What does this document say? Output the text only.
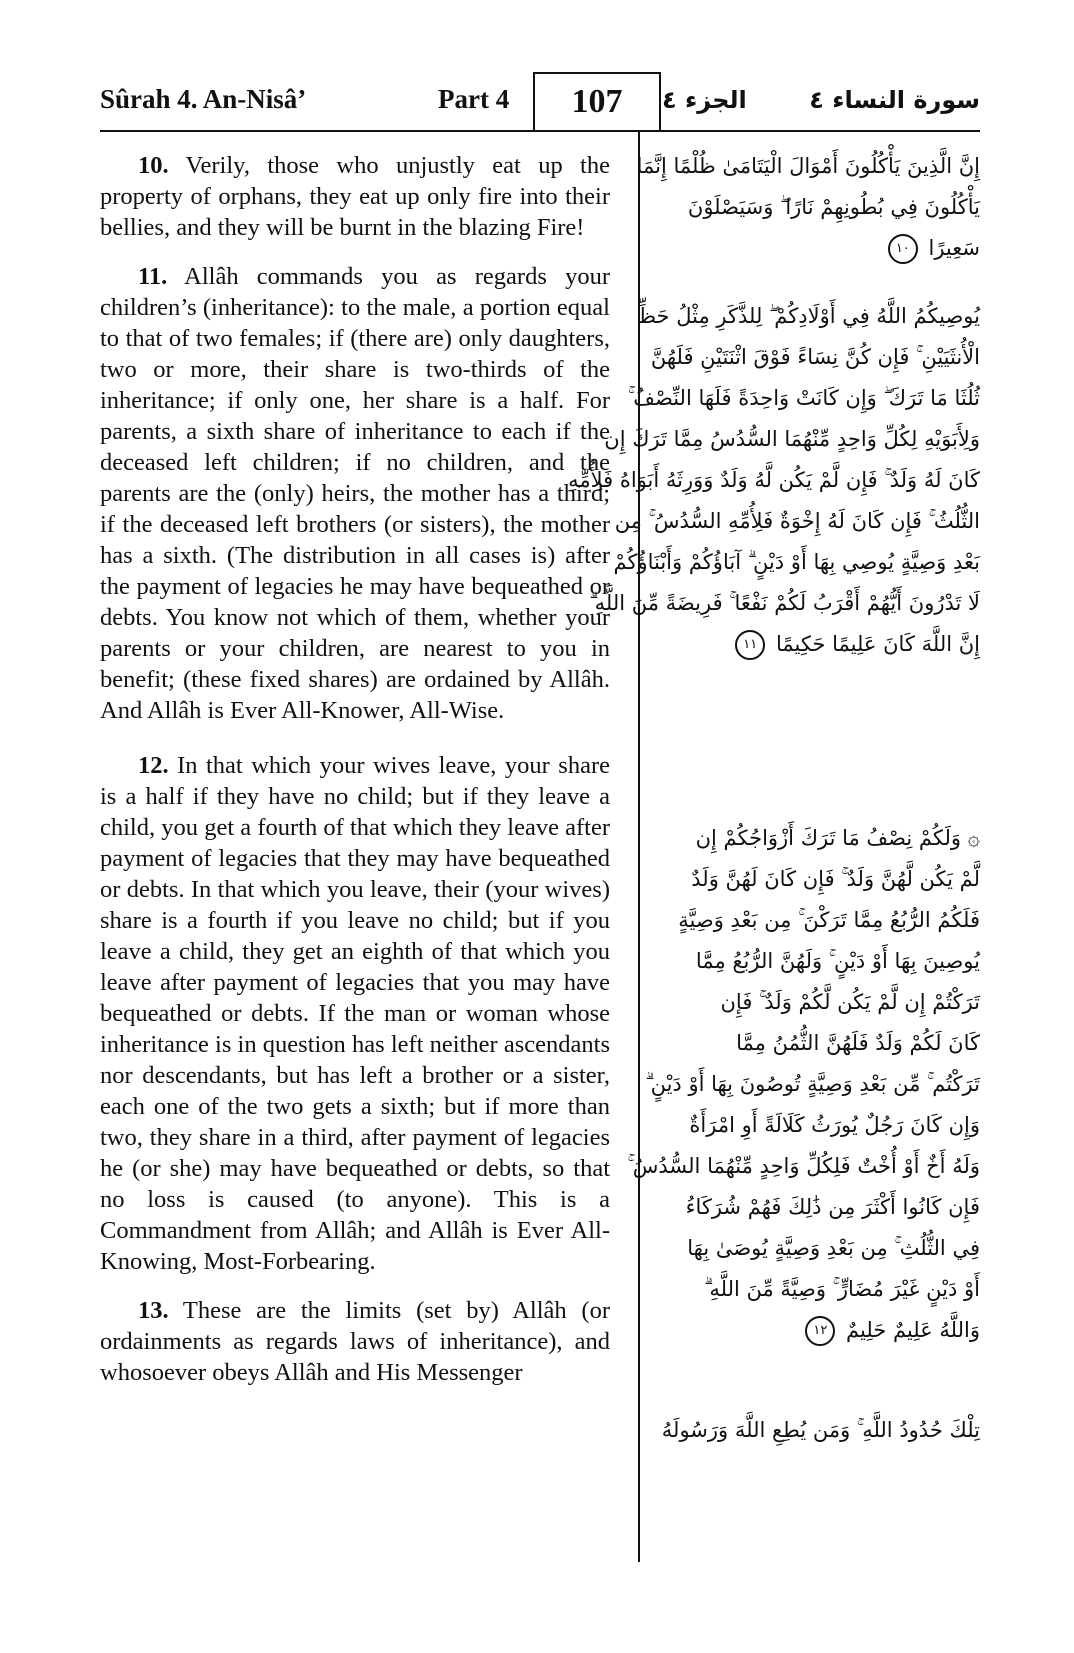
Sûrah 4. An-Nisâ’	Part 4	107	الجزء ٤	سورة النساء ٤

10. Verily, those who unjustly eat up the property of orphans, they eat up only fire into their bellies, and they will be burnt in the blazing Fire!

11. Allâh commands you as regards your children’s (inheritance): to the male, a portion equal to that of two females; if (there are) only daughters, two or more, their share is two-thirds of the inheritance; if only one, her share is a half. For parents, a sixth share of inheritance to each if the deceased left children; if no children, and the parents are the (only) heirs, the mother has a third; if the deceased left brothers (or sisters), the mother has a sixth. (The distribution in all cases is) after the payment of legacies he may have bequeathed or debts. You know not which of them, whether your parents or your children, are nearest to you in benefit; (these fixed shares) are ordained by Allâh. And Allâh is Ever All-Knower, All-Wise.

12. In that which your wives leave, your share is a half if they have no child; but if they leave a child, you get a fourth of that which they leave after payment of legacies that they may have bequeathed or debts. In that which you leave, their (your wives) share is a fourth if you leave no child; but if you leave a child, they get an eighth of that which you leave after payment of legacies that you may have bequeathed or debts. If the man or woman whose inheritance is in question has left neither ascendants nor descendants, but has left a brother or a sister, each one of the two gets a sixth; but if more than two, they share in a third, after payment of legacies he (or she) may have bequeathed or debts, so that no loss is caused (to anyone). This is a Commandment from Allâh; and Allâh is Ever All-Knowing, Most-Forbearing.

13. These are the limits (set by) Allâh (or ordainments as regards laws of inheritance), and whosoever obeys Allâh and His Messenger

إِنَّ الَّذِينَ يَأْكُلُونَ أَمْوَالَ الْيَتَامَىٰ ظُلْمًا إِنَّمَا
يَأْكُلُونَ فِي بُطُونِهِمْ نَارًا ۖ وَسَيَصْلَوْنَ
سَعِيرًا ١٠
يُوصِيكُمُ اللَّهُ فِي أَوْلَادِكُمْ ۖ لِلذَّكَرِ مِثْلُ حَظِّ
الْأُنثَيَيْنِ ۚ فَإِن كُنَّ نِسَاءً فَوْقَ اثْنَتَيْنِ فَلَهُنَّ
ثُلُثَا مَا تَرَكَ ۖ وَإِن كَانَتْ وَاحِدَةً فَلَهَا النِّصْفُ ۚ
وَلِأَبَوَيْهِ لِكُلِّ وَاحِدٍ مِّنْهُمَا السُّدُسُ مِمَّا تَرَكَ إِن
كَانَ لَهُ وَلَدٌ ۚ فَإِن لَّمْ يَكُن لَّهُ وَلَدٌ وَوَرِثَهُ أَبَوَاهُ فَلِأُمِّهِ
الثُّلُثُ ۚ فَإِن كَانَ لَهُ إِخْوَةٌ فَلِأُمِّهِ السُّدُسُ ۚ مِن
بَعْدِ وَصِيَّةٍ يُوصِي بِهَا أَوْ دَيْنٍ ۗ آبَاؤُكُمْ وَأَبْنَاؤُكُمْ
لَا تَدْرُونَ أَيُّهُمْ أَقْرَبُ لَكُمْ نَفْعًا ۚ فَرِيضَةً مِّنَ اللَّهِ ۗ
إِنَّ اللَّهَ كَانَ عَلِيمًا حَكِيمًا ١١
۞ وَلَكُمْ نِصْفُ مَا تَرَكَ أَزْوَاجُكُمْ إِن
لَّمْ يَكُن لَّهُنَّ وَلَدٌ ۚ فَإِن كَانَ لَهُنَّ وَلَدٌ
فَلَكُمُ الرُّبُعُ مِمَّا تَرَكْنَ ۚ مِن بَعْدِ وَصِيَّةٍ
يُوصِينَ بِهَا أَوْ دَيْنٍ ۚ وَلَهُنَّ الرُّبُعُ مِمَّا
تَرَكْتُمْ إِن لَّمْ يَكُن لَّكُمْ وَلَدٌ ۚ فَإِن
كَانَ لَكُمْ وَلَدٌ فَلَهُنَّ الثُّمُنُ مِمَّا
تَرَكْتُم ۚ مِّن بَعْدِ وَصِيَّةٍ تُوصُونَ بِهَا أَوْ دَيْنٍ ۗ
وَإِن كَانَ رَجُلٌ يُورَثُ كَلَالَةً أَوِ امْرَأَةٌ
وَلَهُ أَخٌ أَوْ أُخْتٌ فَلِكُلِّ وَاحِدٍ مِّنْهُمَا السُّدُسُ ۚ
فَإِن كَانُوا أَكْثَرَ مِن ذَٰلِكَ فَهُمْ شُرَكَاءُ
فِي الثُّلُثِ ۚ مِن بَعْدِ وَصِيَّةٍ يُوصَىٰ بِهَا
أَوْ دَيْنٍ غَيْرَ مُضَارٍّ ۚ وَصِيَّةً مِّنَ اللَّهِ ۗ
وَاللَّهُ عَلِيمٌ حَلِيمٌ ١٢
تِلْكَ حُدُودُ اللَّهِ ۚ وَمَن يُطِعِ اللَّهَ وَرَسُولَهُ
